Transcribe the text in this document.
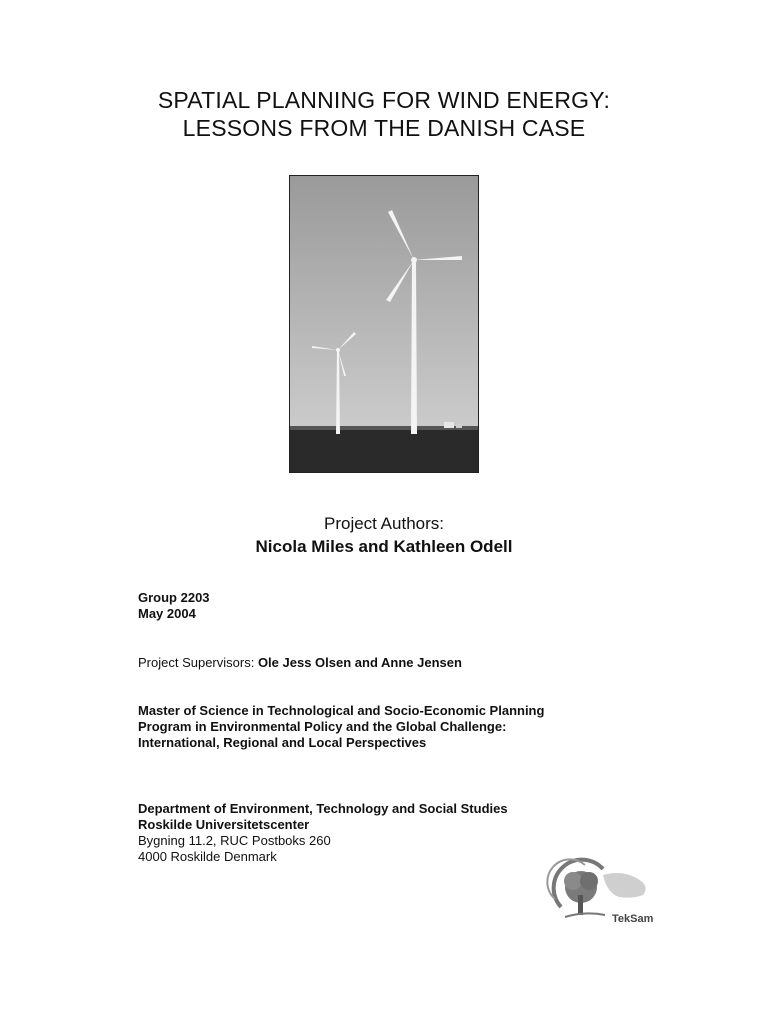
SPATIAL PLANNING FOR WIND ENERGY:
LESSONS FROM THE DANISH CASE
Project Authors:
Nicola Miles and Kathleen Odell
Group 2203
May 2004
Project Supervisors: Ole Jess Olsen and Anne Jensen
Master of Science in Technological and Socio-Economic Planning
Program in Environmental Policy and the Global Challenge:
International, Regional and Local Perspectives
Department of Environment, Technology and Social Studies
Roskilde Universitetscenter
Bygning 11.2, RUC Postboks 260
4000 Roskilde Denmark
TekSam
